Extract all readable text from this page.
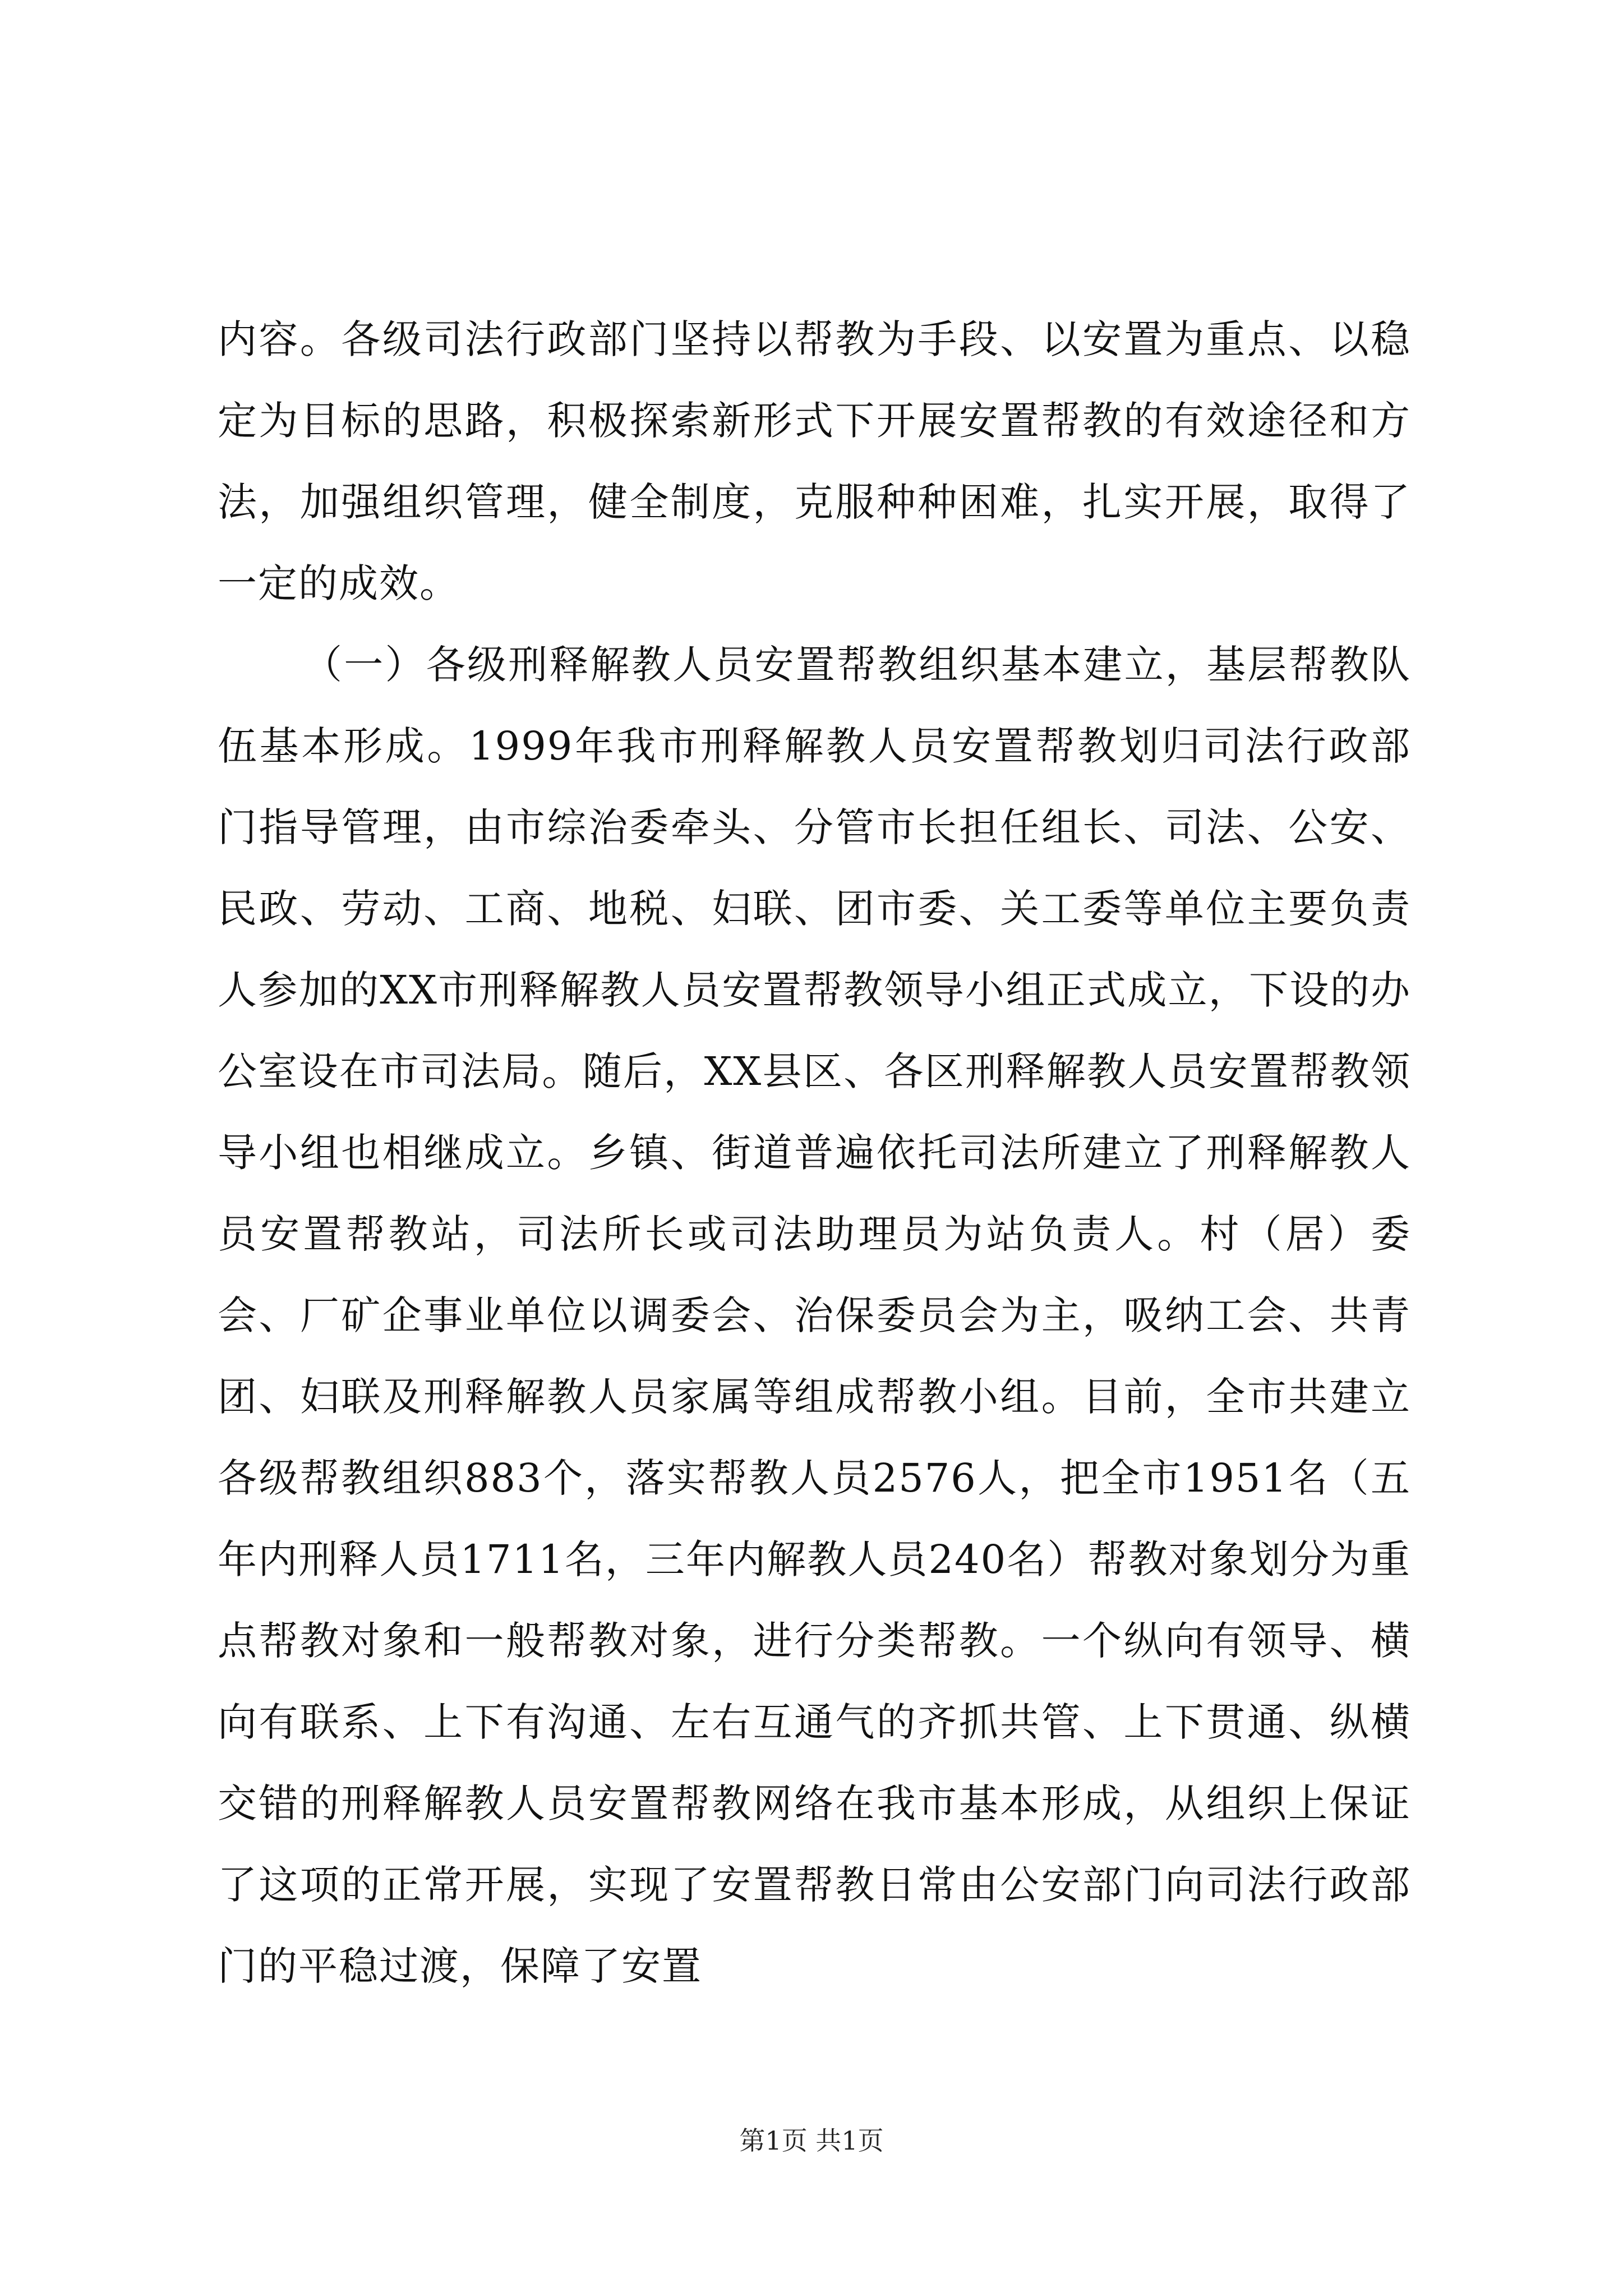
内容。各级司法行政部门坚持以帮教为手段、以安置为重点、以稳定为目标的思路，积极探索新形式下开展安置帮教的有效途径和方法，加强组织管理，健全制度，克服种种困难，扎实开展，取得了一定的成效。

（一）各级刑释解教人员安置帮教组织基本建立，基层帮教队伍基本形成。1999年我市刑释解教人员安置帮教划归司法行政部门指导管理，由市综治委牵头、分管市长担任组长、司法、公安、民政、劳动、工商、地税、妇联、团市委、关工委等单位主要负责人参加的XX市刑释解教人员安置帮教领导小组正式成立，下设的办公室设在市司法局。随后，XX县区、各区刑释解教人员安置帮教领导小组也相继成立。乡镇、街道普遍依托司法所建立了刑释解教人员安置帮教站，司法所长或司法助理员为站负责人。村（居）委会、厂矿企事业单位以调委会、治保委员会为主，吸纳工会、共青团、妇联及刑释解教人员家属等组成帮教小组。目前，全市共建立各级帮教组织883个，落实帮教人员2576人，把全市1951名（五年内刑释人员1711名，三年内解教人员240名）帮教对象划分为重点帮教对象和一般帮教对象，进行分类帮教。一个纵向有领导、横向有联系、上下有沟通、左右互通气的齐抓共管、上下贯通、纵横交错的刑释解教人员安置帮教网络在我市基本形成，从组织上保证了这项的正常开展，实现了安置帮教日常由公安部门向司法行政部门的平稳过渡，保障了安置

第1页 共1页
